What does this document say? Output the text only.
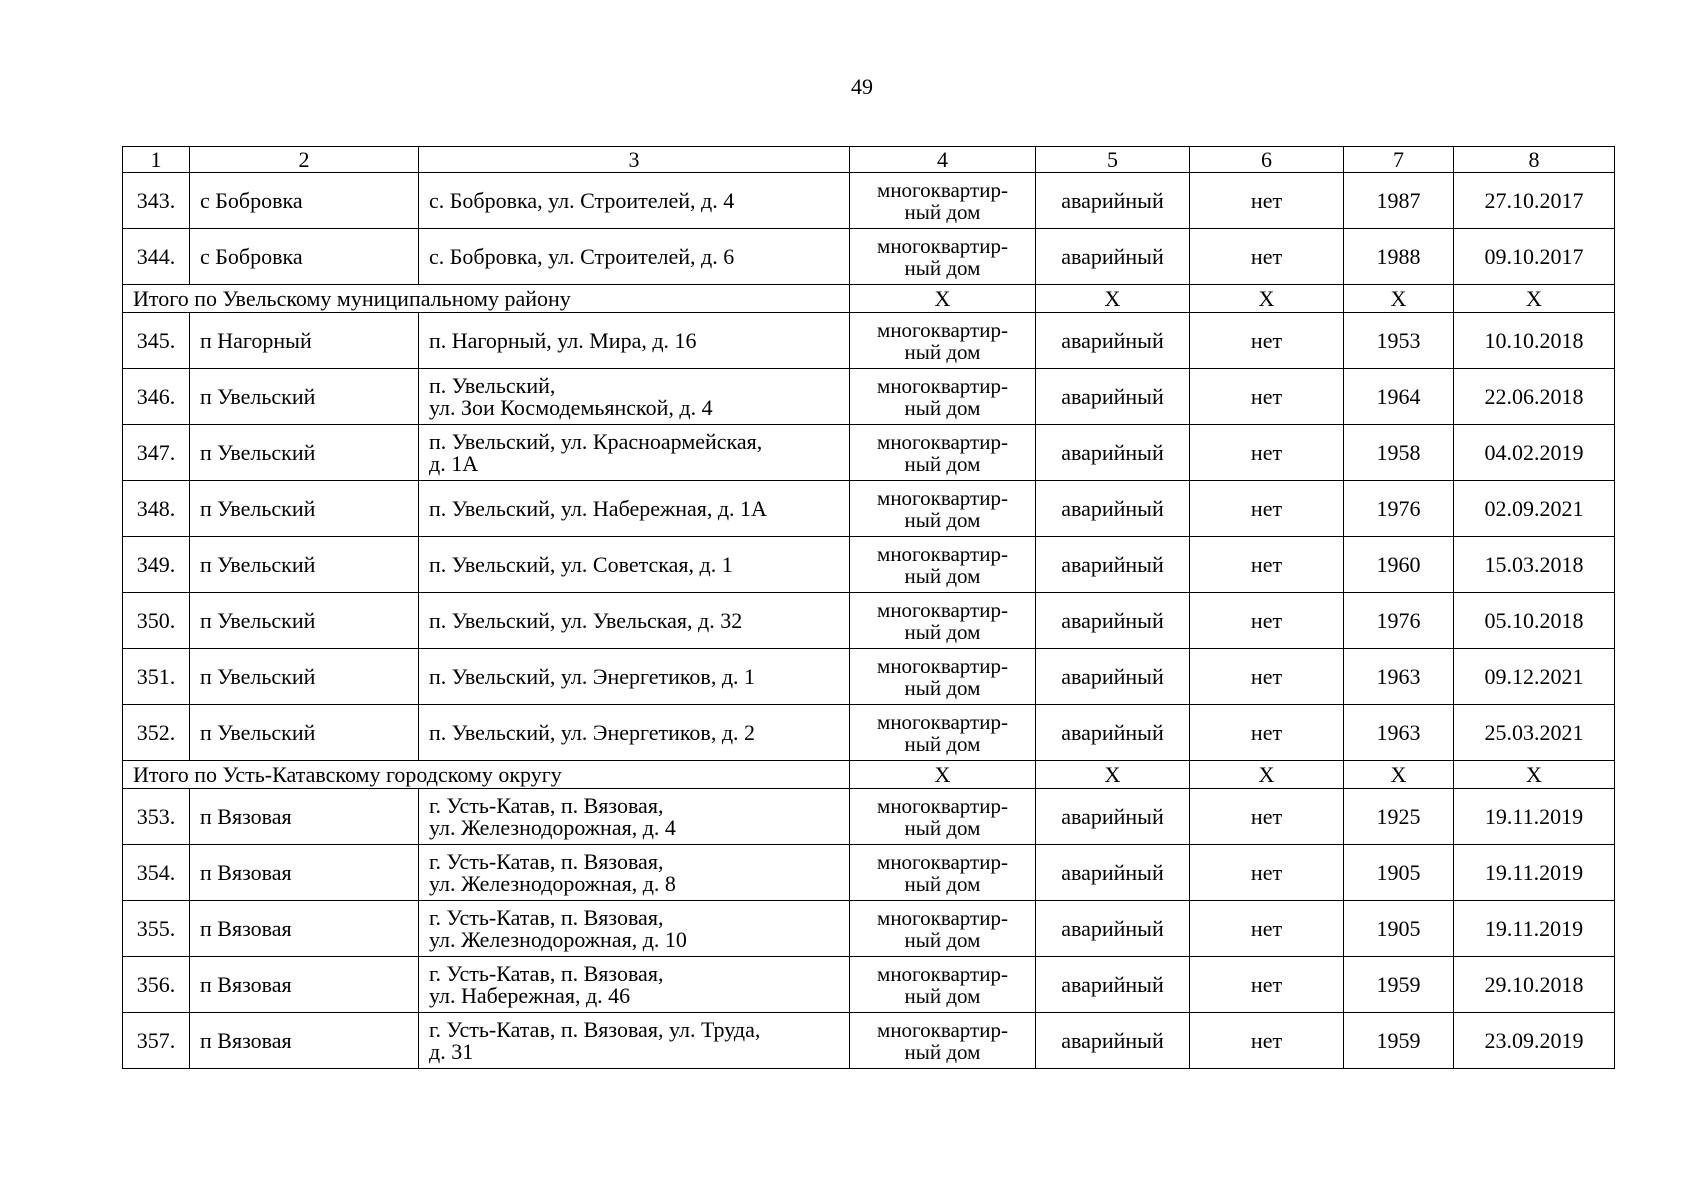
49
1	2	3	4	5	6	7	8
343.	с Бобровка	с. Бобровка, ул. Строителей, д. 4	многоквартир-
ный дом	аварийный	нет	1987	27.10.2017
344.	с Бобровка	с. Бобровка, ул. Строителей, д. 6	многоквартир-
ный дом	аварийный	нет	1988	09.10.2017
Итого по Увельскому муниципальному району			X	X	X	X	X
345.	п Нагорный	п. Нагорный, ул. Мира, д. 16	многоквартир-
ный дом	аварийный	нет	1953	10.10.2018
346.	п Увельский	п. Увельский,
ул. Зои Космодемьянской, д. 4	многоквартир-
ный дом	аварийный	нет	1964	22.06.2018
347.	п Увельский	п. Увельский, ул. Красноармейская,
д. 1А	многоквартир-
ный дом	аварийный	нет	1958	04.02.2019
348.	п Увельский	п. Увельский, ул. Набережная, д. 1А	многоквартир-
ный дом	аварийный	нет	1976	02.09.2021
349.	п Увельский	п. Увельский, ул. Советская, д. 1	многоквартир-
ный дом	аварийный	нет	1960	15.03.2018
350.	п Увельский	п. Увельский, ул. Увельская, д. 32	многоквартир-
ный дом	аварийный	нет	1976	05.10.2018
351.	п Увельский	п. Увельский, ул. Энергетиков, д. 1	многоквартир-
ный дом	аварийный	нет	1963	09.12.2021
352.	п Увельский	п. Увельский, ул. Энергетиков, д. 2	многоквартир-
ный дом	аварийный	нет	1963	25.03.2021
Итого по Усть-Катавскому городскому округу			X	X	X	X	X
353.	п Вязовая	г. Усть-Катав, п. Вязовая,
ул. Железнодорожная, д. 4	многоквартир-
ный дом	аварийный	нет	1925	19.11.2019
354.	п Вязовая	г. Усть-Катав, п. Вязовая,
ул. Железнодорожная, д. 8	многоквартир-
ный дом	аварийный	нет	1905	19.11.2019
355.	п Вязовая	г. Усть-Катав, п. Вязовая,
ул. Железнодорожная, д. 10	многоквартир-
ный дом	аварийный	нет	1905	19.11.2019
356.	п Вязовая	г. Усть-Катав, п. Вязовая,
ул. Набережная, д. 46	многоквартир-
ный дом	аварийный	нет	1959	29.10.2018
357.	п Вязовая	г. Усть-Катав, п. Вязовая, ул. Труда,
д. 31	многоквартир-
ный дом	аварийный	нет	1959	23.09.2019
